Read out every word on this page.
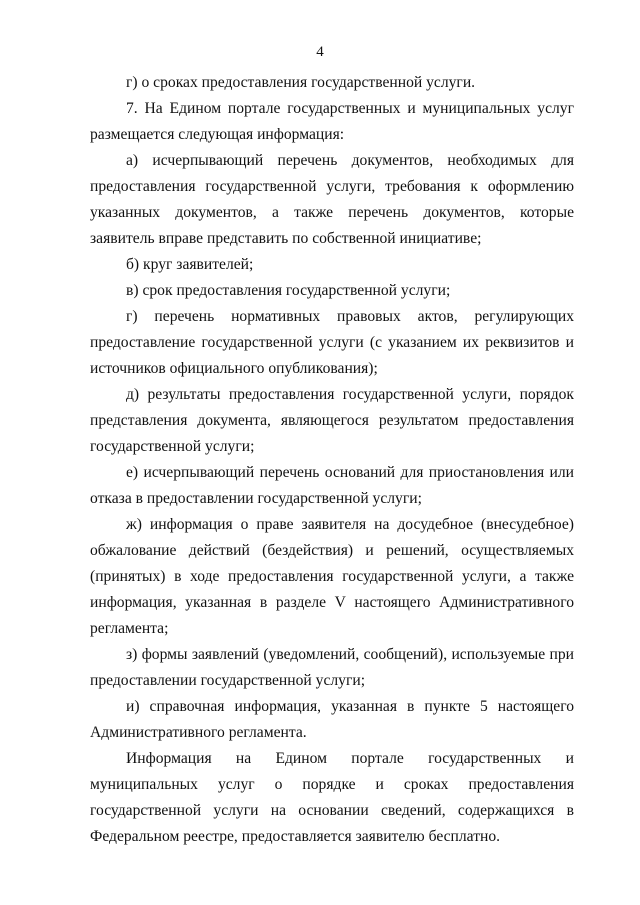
4

г) о сроках предоставления государственной услуги.

7. На Едином портале государственных и муниципальных услуг размещается следующая информация:

а) исчерпывающий перечень документов, необходимых для предоставления государственной услуги, требования к оформлению указанных документов, а также перечень документов, которые заявитель вправе представить по собственной инициативе;

б) круг заявителей;

в) срок предоставления государственной услуги;

г) перечень нормативных правовых актов, регулирующих предоставление государственной услуги (с указанием их реквизитов и источников официального опубликования);

д) результаты предоставления государственной услуги, порядок представления документа, являющегося результатом предоставления государственной услуги;

е) исчерпывающий перечень оснований для приостановления или отказа в предоставлении государственной услуги;

ж) информация о праве заявителя на досудебное (внесудебное) обжалование действий (бездействия) и решений, осуществляемых (принятых) в ходе предоставления государственной услуги, а также информация, указанная в разделе V настоящего Административного регламента;

з) формы заявлений (уведомлений, сообщений), используемые при предоставлении государственной услуги;

и) справочная информация, указанная в пункте 5 настоящего Административного регламента.

Информация на Едином портале государственных и муниципальных услуг о порядке и сроках предоставления государственной услуги на основании сведений, содержащихся в Федеральном реестре, предоставляется заявителю бесплатно.
